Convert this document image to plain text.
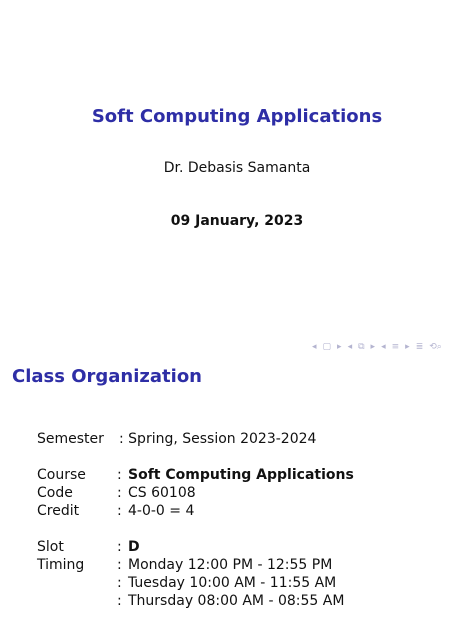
Soft Computing Applications
Dr. Debasis Samanta
09 January, 2023
◂ ▢ ▸ ◂ ⧉ ▸ ◂ ≡ ▸ ≣ ⟲⌕
Class Organization
Semester : Spring, Session 2023-2024
Course : Soft Computing Applications
Code	: CS 60108
Credit	: 4-0-0 = 4
Slot	: D
Timing : Monday 12:00 PM - 12:55 PM
: Tuesday 10:00 AM - 11:55 AM
: Thursday 08:00 AM - 08:55 AM
